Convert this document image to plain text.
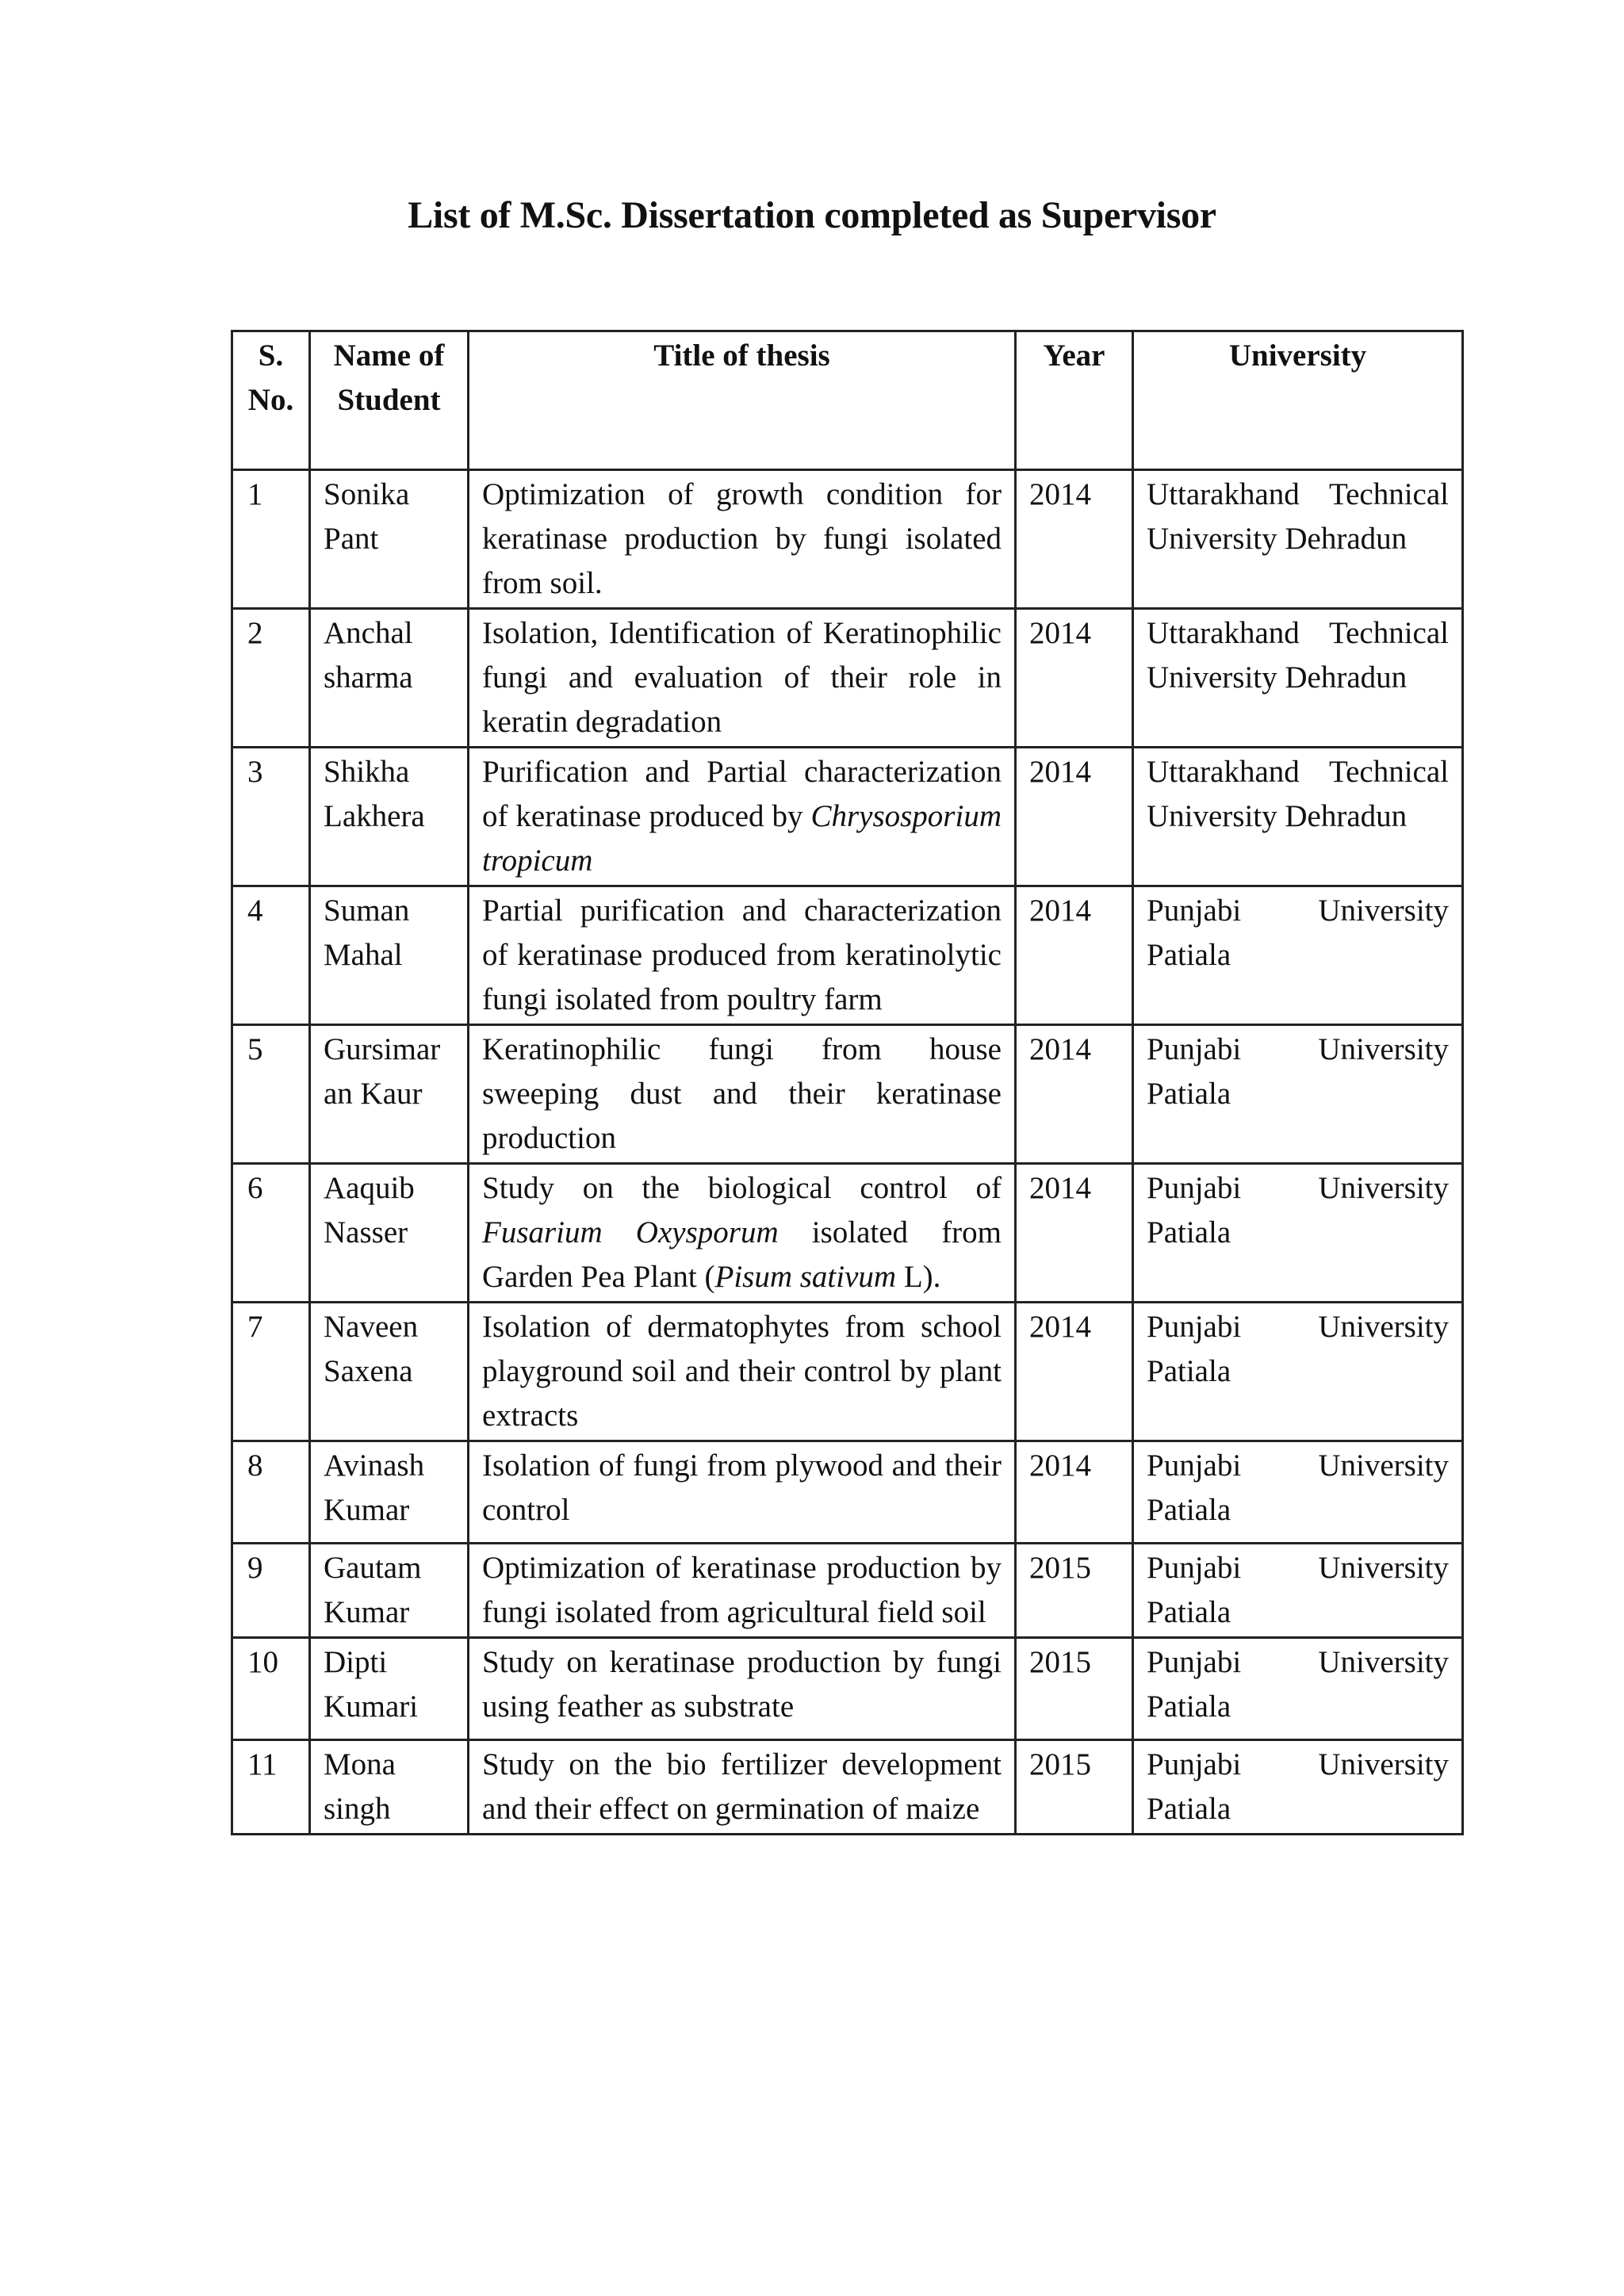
List of M.Sc. Dissertation completed as Supervisor
S. No.	Name of Student	Title of thesis	Year	University
1	Sonika Pant	Optimization of growth condition for keratinase production by fungi isolated from soil.	2014	Uttarakhand Technical University Dehradun
2	Anchal sharma	Isolation, Identification of Keratinophilic fungi and evaluation of their role in keratin degradation	2014	Uttarakhand Technical University Dehradun
3	Shikha Lakhera	Purification and Partial characterization of keratinase produced by Chrysosporium tropicum	2014	Uttarakhand Technical University Dehradun
4	Suman Mahal	Partial purification and characterization of keratinase produced from keratinolytic fungi isolated from poultry farm	2014	Punjabi University Patiala
5	Gursimar an Kaur	Keratinophilic fungi from house sweeping dust and their keratinase production	2014	Punjabi University Patiala
6	Aaquib Nasser	Study on the biological control of Fusarium Oxysporum isolated from Garden Pea Plant (Pisum sativum L).	2014	Punjabi University Patiala
7	Naveen Saxena	Isolation of dermatophytes from school playground soil and their control by plant extracts	2014	Punjabi University Patiala
8	Avinash Kumar	Isolation of fungi from plywood and their control	2014	Punjabi University Patiala
9	Gautam Kumar	Optimization of keratinase production by fungi isolated from agricultural field soil	2015	Punjabi University Patiala
10	Dipti Kumari	Study on keratinase production by fungi using feather as substrate	2015	Punjabi University Patiala
11	Mona singh	Study on the bio fertilizer development and their effect on germination of maize	2015	Punjabi University Patiala
